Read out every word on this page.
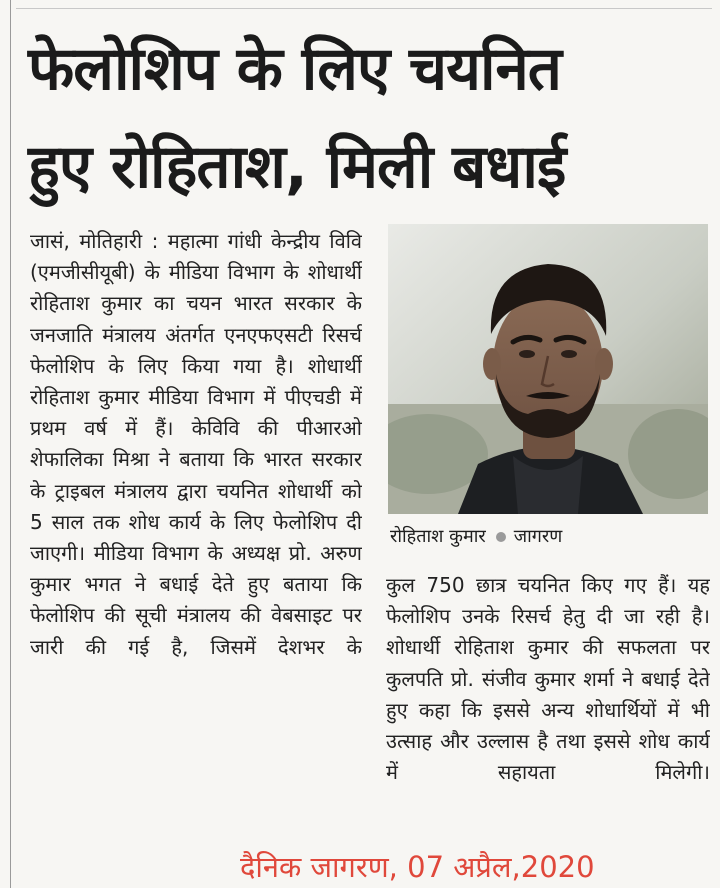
फेलोशिप के लिए चयनित
हुए रोहिताश, मिली बधाई

जासं, मोतिहारी : महात्मा गांधी केन्द्रीय विवि (एमजीसीयूबी) के मीडिया विभाग के शोधार्थी रोहिताश कुमार का चयन भारत सरकार के जनजाति मंत्रालय अंतर्गत एनएफएसटी रिसर्च फेलोशिप के लिए किया गया है। शोधार्थी रोहिताश कुमार मीडिया विभाग में पीएचडी में प्रथम वर्ष में हैं। केविवि की पीआरओ शेफालिका मिश्रा ने बताया कि भारत सरकार के ट्राइबल मंत्रालय द्वारा चयनित शोधार्थी को 5 साल तक शोध कार्य के लिए फेलोशिप दी जाएगी। मीडिया विभाग के अध्यक्ष प्रो. अरुण कुमार भगत ने बधाई देते हुए बताया कि फेलोशिप की सूची मंत्रालय की वेबसाइट पर जारी की गई है, जिसमें देशभर के

रोहिताश कुमार जागरण

कुल 750 छात्र चयनित किए गए हैं। यह फेलोशिप उनके रिसर्च हेतु दी जा रही है। शोधार्थी रोहिताश कुमार की सफलता पर कुलपति प्रो. संजीव कुमार शर्मा ने बधाई देते हुए कहा कि इससे अन्य शोधार्थियों में भी उत्साह और उल्लास है तथा इससे शोध कार्य में सहायता मिलेगी।

दैनिक जागरण, 07 अप्रैल,2020
